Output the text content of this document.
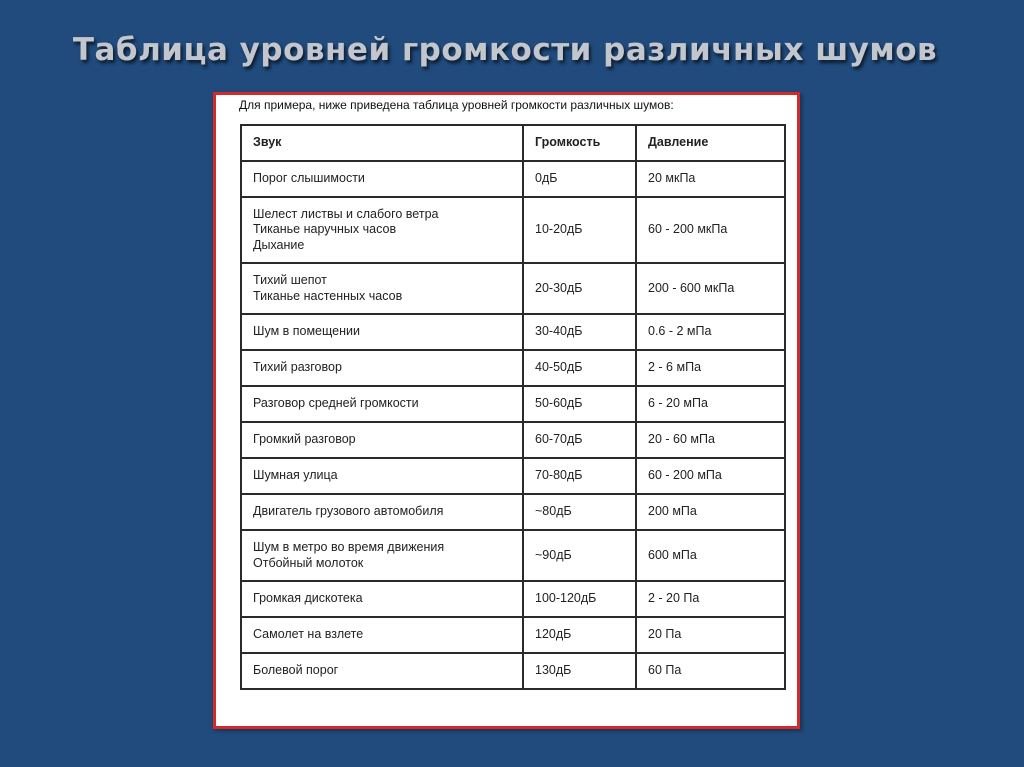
Таблица уровней громкости различных шумов

Для примера, ниже приведена таблица уровней громкости различных шумов:

Звук	Громкость	Давление

Порог слышимости	0дБ	20 мкПа

Шелест листвы и слабого ветра
Тиканье наручных часов
Дыхание	10-20дБ	60 - 200 мкПа

Тихий шепот
Тиканье настенных часов	20-30дБ	200 - 600 мкПа

Шум в помещении	30-40дБ	0.6 - 2 мПа

Тихий разговор	40-50дБ	2 - 6 мПа

Разговор средней громкости	50-60дБ	6 - 20 мПа

Громкий разговор	60-70дБ	20 - 60 мПа

Шумная улица	70-80дБ	60 - 200 мПа

Двигатель грузового автомобиля	~80дБ	200 мПа

Шум в метро во время движения
Отбойный молоток	~90дБ	600 мПа

Громкая дискотека	100-120дБ	2 - 20 Па

Самолет на взлете	120дБ	20 Па

Болевой порог	130дБ	60 Па
